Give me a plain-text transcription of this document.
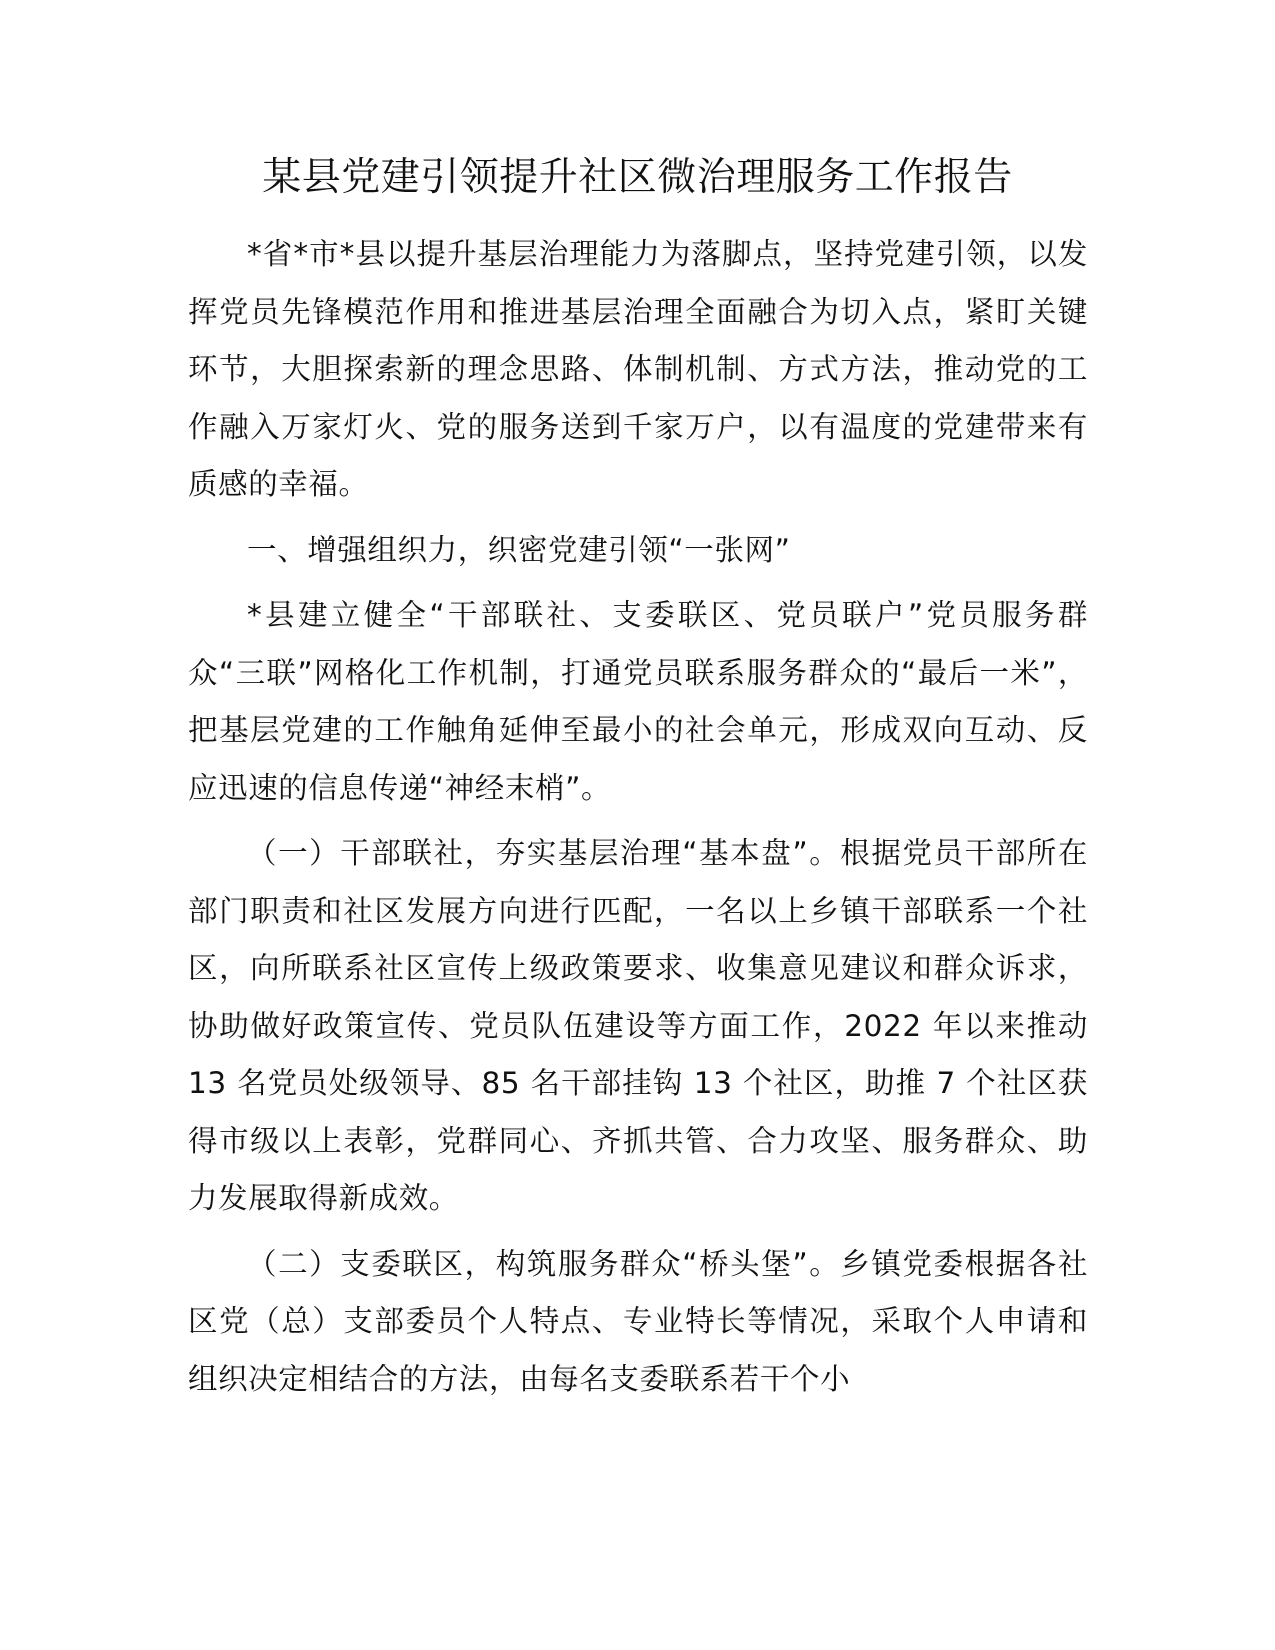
某县党建引领提升社区微治理服务工作报告

*省*市*县以提升基层治理能力为落脚点，坚持党建引领，以发挥党员先锋模范作用和推进基层治理全面融合为切入点，紧盯关键环节，大胆探索新的理念思路、体制机制、方式方法，推动党的工作融入万家灯火、党的服务送到千家万户，以有温度的党建带来有质感的幸福。

一、增强组织力，织密党建引领“一张网”

*县建立健全“干部联社、支委联区、党员联户”党员服务群众“三联”网格化工作机制，打通党员联系服务群众的“最后一米”，把基层党建的工作触角延伸至最小的社会单元，形成双向互动、反应迅速的信息传递“神经末梢”。

（一）干部联社，夯实基层治理“基本盘”。根据党员干部所在部门职责和社区发展方向进行匹配，一名以上乡镇干部联系一个社区，向所联系社区宣传上级政策要求、收集意见建议和群众诉求，协助做好政策宣传、党员队伍建设等方面工作，2022 年以来推动 13 名党员处级领导、85 名干部挂钩 13 个社区，助推 7 个社区获得市级以上表彰，党群同心、齐抓共管、合力攻坚、服务群众、助力发展取得新成效。

（二）支委联区，构筑服务群众“桥头堡”。乡镇党委根据各社区党（总）支部委员个人特点、专业特长等情况，采取个人申请和组织决定相结合的方法，由每名支委联系若干个小
